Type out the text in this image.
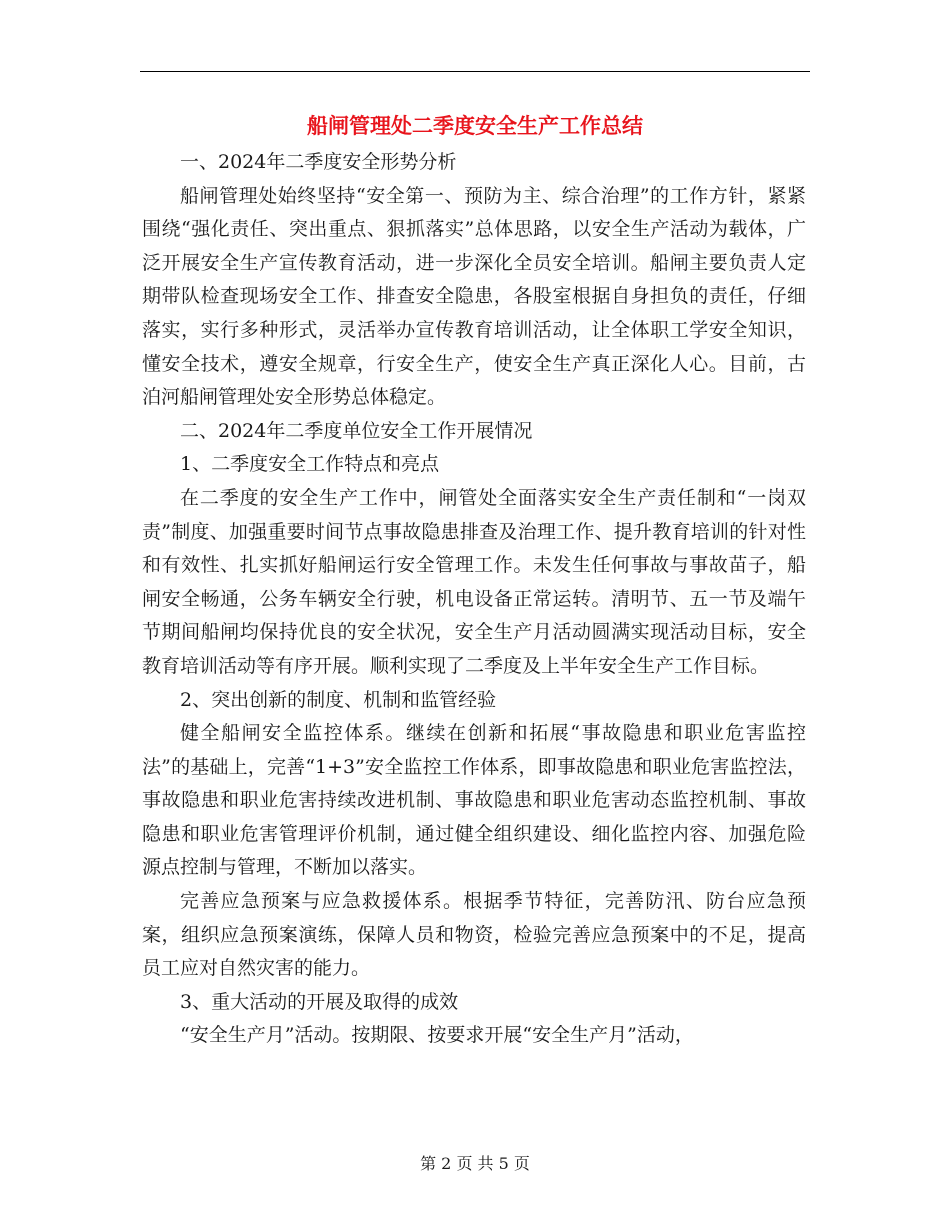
船闸管理处二季度安全生产工作总结

一、2024年二季度安全形势分析

船闸管理处始终坚持“安全第一、预防为主、综合治理”的工作方针，紧紧围绕“强化责任、突出重点、狠抓落实”总体思路，以安全生产活动为载体，广泛开展安全生产宣传教育活动，进一步深化全员安全培训。船闸主要负责人定期带队检查现场安全工作、排查安全隐患，各股室根据自身担负的责任，仔细落实，实行多种形式，灵活举办宣传教育培训活动，让全体职工学安全知识，懂安全技术，遵安全规章，行安全生产，使安全生产真正深化人心。目前，古泊河船闸管理处安全形势总体稳定。

二、2024年二季度单位安全工作开展情况

1、二季度安全工作特点和亮点

在二季度的安全生产工作中，闸管处全面落实安全生产责任制和“一岗双责”制度、加强重要时间节点事故隐患排查及治理工作、提升教育培训的针对性和有效性、扎实抓好船闸运行安全管理工作。未发生任何事故与事故苗子，船闸安全畅通，公务车辆安全行驶，机电设备正常运转。清明节、五一节及端午节期间船闸均保持优良的安全状况，安全生产月活动圆满实现活动目标，安全教育培训活动等有序开展。顺利实现了二季度及上半年安全生产工作目标。

2、突出创新的制度、机制和监管经验

健全船闸安全监控体系。继续在创新和拓展“事故隐患和职业危害监控法”的基础上，完善“1+3”安全监控工作体系，即事故隐患和职业危害监控法，事故隐患和职业危害持续改进机制、事故隐患和职业危害动态监控机制、事故隐患和职业危害管理评价机制，通过健全组织建设、细化监控内容、加强危险源点控制与管理，不断加以落实。

完善应急预案与应急救援体系。根据季节特征，完善防汛、防台应急预案，组织应急预案演练，保障人员和物资，检验完善应急预案中的不足，提高员工应对自然灾害的能力。

3、重大活动的开展及取得的成效

“安全生产月”活动。按期限、按要求开展“安全生产月”活动，

第 2 页 共 5 页
